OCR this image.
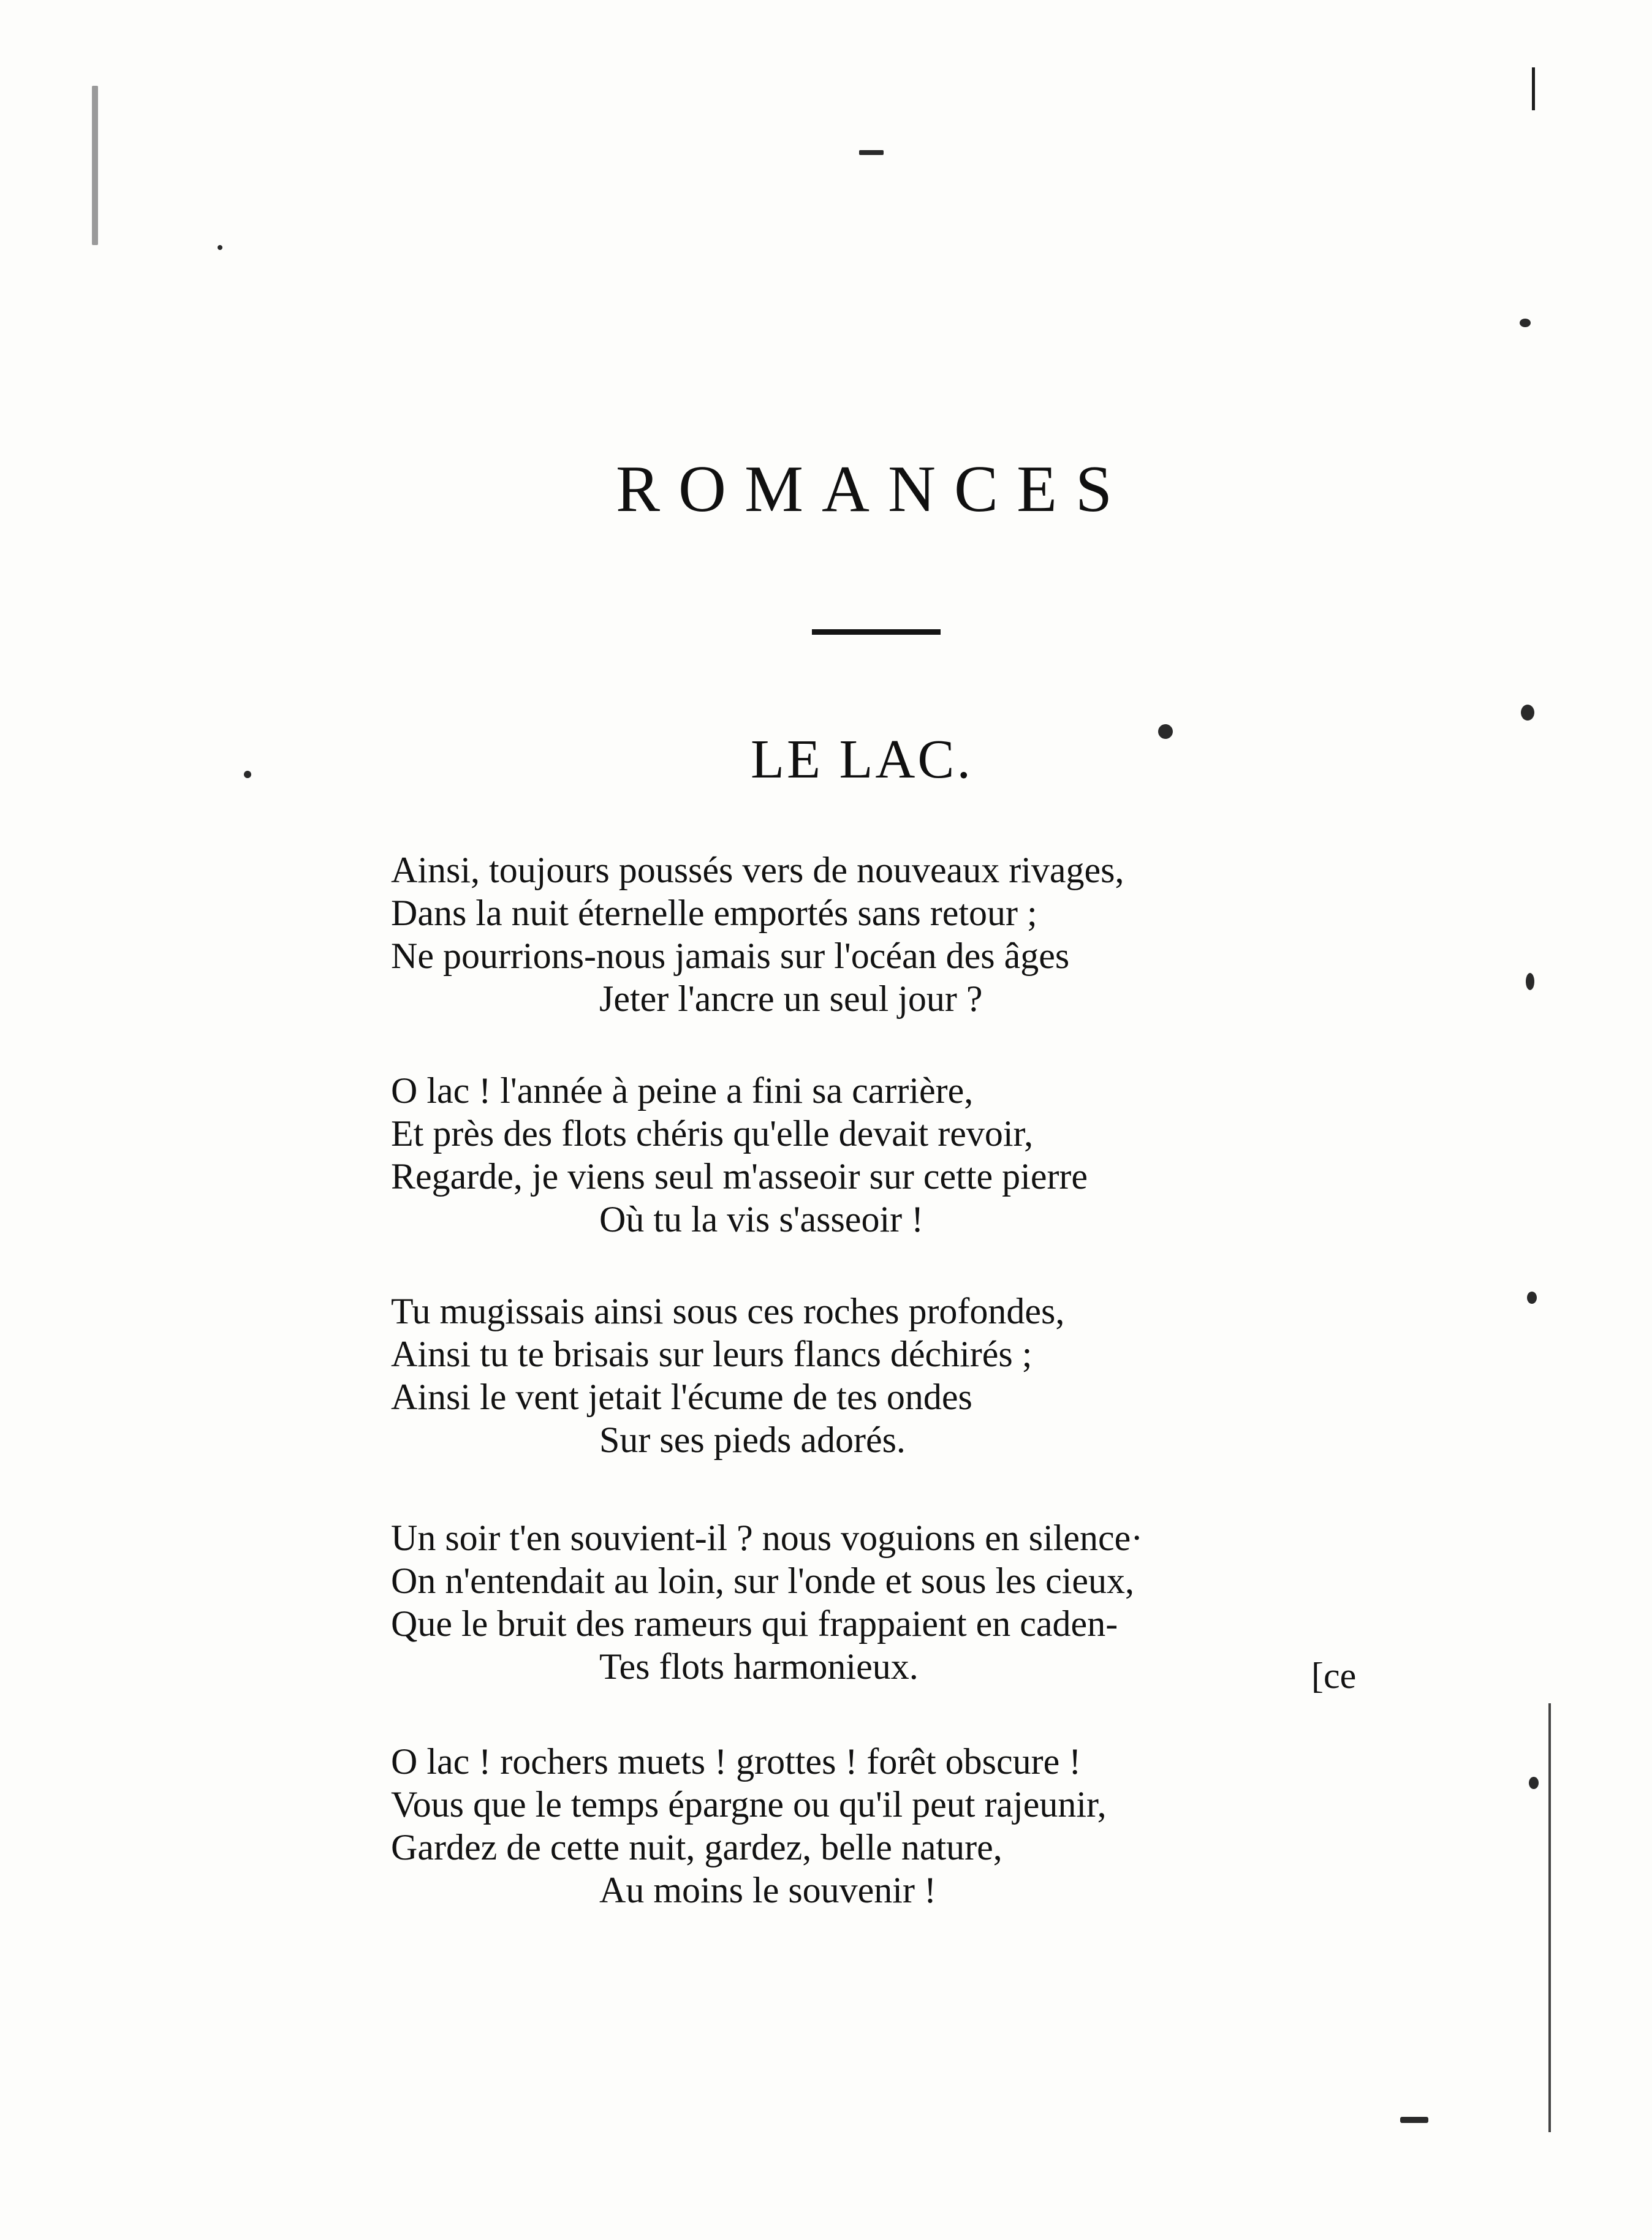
ROMANCES
LE LAC.
Ainsi, toujours poussés vers de nouveaux rivages,
Dans la nuit éternelle emportés sans retour ;
Ne pourrions-nous jamais sur l'océan des âges
Jeter l'ancre un seul jour ?
O lac ! l'année à peine a fini sa carrière,
Et près des flots chéris qu'elle devait revoir,
Regarde, je viens seul m'asseoir sur cette pierre
Où tu la vis s'asseoir !
Tu mugissais ainsi sous ces roches profondes,
Ainsi tu te brisais sur leurs flancs déchirés ;
Ainsi le vent jetait l'écume de tes ondes
Sur ses pieds adorés.
Un soir t'en souvient-il ? nous voguions en silence·
On n'entendait au loin, sur l'onde et sous les cieux,
Que le bruit des rameurs qui frappaient en caden-
Tes flots harmonieux.	[ce
O lac ! rochers muets ! grottes ! forêt obscure !
Vous que le temps épargne ou qu'il peut rajeunir,
Gardez de cette nuit, gardez, belle nature,
Au moins le souvenir !
